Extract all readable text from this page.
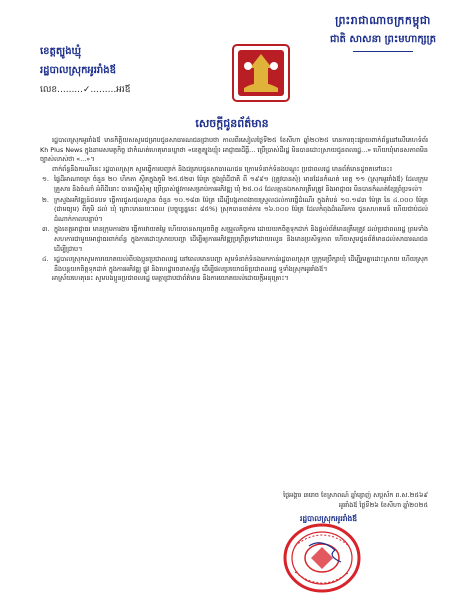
ព្រះរាជាណាចក្រកម្ពុជា
ជាតិ សាសនា ព្រះមហាក្សត្រ
ខេត្តត្បូងឃ្មុំ
រដ្ឋបាលស្រុកអូររាំងឪ
លេខ.........✓.........អរឪ
សេចក្តីជូនព័ត៌មាន

រដ្ឋបាលស្រុកអូររាំងឪ មានកិត្តិយសសូមជម្រាបជូនសាធារណជនជ្រាបថា កាលពីរសៀលថ្ងៃទី២៥ ខែសីហា ឆ្នាំ២០២៥ មានការចុះផ្សាយពាក់ព័ន្ធនៅលើគេហទំព័រ Kh Plus News ក្នុងនាមសមត្ថកិច្ច ជាកំណត់ហេតុមានឃ្លាថា «ខេត្តត្បូងឃ្មុំ៖ អាជ្ញាធរដីធ្លី... ប្រើប្រាស់ដីរដ្ឋ មិនបានដោះស្រាយជូនពលរដ្ឋ...» ហើយឃុំមានសភាពមិនច្បាស់លាស់ថា «...»។

ពាក់ព័ន្ធនឹងករណីនេះ រដ្ឋបាលស្រុក សូមធ្វើការបញ្ជាក់ និងជម្រាបជូនសាធារណជន ក្រោមទំនាក់ទំនងបណ្តុះ ប្រជាពលរដ្ឋ មានព័ត៌មានដូចតទៅនេះ៖

១. ផ្ទៃដីអាណាចក្រ ចំនួន ២០ ហិកតា ស្ថិតក្នុងភូមិ ២៥.៥២៣ ម៉ែត្រ ក្នុងព្រំដីជាតិ ពី ១៩៩១ (ត្រូវបានសុំ) មានដែនកំណត់ ខេត្ត ១១ (ស្រុកអូររាំងឪ) ដែលក្រុមគ្រួសារ និងចំណាំ អំពីដីនោះ បានស្នើសុំឲ្យ ប្រើប្រាស់ផ្លូវការសម្រាប់ការអភិវឌ្ឍ ឃុំ ២៥.០៤ ដែលគ្មានឯកសារត្រឹមត្រូវ និងអាជ្ញាធរ មិនបានកំណត់ខ្សែព្រំប្រទល់។
២. ក្រសួងអភិវឌ្ឍន៍ជនបទ ធ្វើការជួសជុលស្ពាន ចំនួន ១០.១៨៣ ម៉ែត្រ ដើម្បីបង្កភាពងាយស្រួលដល់ការធ្វើដំណើរ ក្នុងតំបន់ ១០.១៨៣ ម៉ែត្រ នៃ ៤.០០០ ម៉ែត្រ (ជាមធ្យម) ពីភូមិ ដល់ ឃុំ ព្រោះមានរយៈពេល (បច្ចុប្បន្ននេះ ៨៥%) ស្រុកបានចាត់ការ ១៦.០០០ ម៉ែត្រ ដែលកំពុងដំណើរការ ជូនសហគមន៍ ហើយជាប់ដល់ដំណាក់កាលបន្ទាប់។
៣. ក្នុងខេត្តអាជ្ញាធរ មានក្រុមការងារ ធ្វើការវាយតម្លៃ ហើយបានសម្រេចចិត្ត សម្រួលកិច្ចការ ដោយយកចិត្តទុកដាក់ និងផ្តល់ព័ត៌មានត្រឹមត្រូវ ដល់ប្រជាពលរដ្ឋ ព្រមទាំងសហការជាមួយអាជ្ញាធរពាក់ព័ន្ធ ក្នុងការដោះស្រាយបញ្ហា ដើម្បីឲ្យការអភិវឌ្ឍប្រព្រឹត្តទៅដោយរលូន និងមានប្រសិទ្ធភាព ហើយសូមជូនព័ត៌មានដល់សាធារណជនដើម្បីជ្រាប។
៤. រដ្ឋបាលស្រុកសូមការយោគយល់ពីបងប្អូនប្រជាពលរដ្ឋ នៅពេលមានបញ្ហា សូមទំនាក់ទំនងមកកាន់រដ្ឋបាលស្រុក ឬក្រុមប្រឹក្សាឃុំ ដើម្បីរួមគ្នាដោះស្រាយ ហើយស្រុកនឹងបន្តយកចិត្តទុកដាក់ ក្នុងការអភិវឌ្ឍ ផ្លូវ និងហេដ្ឋារចនាសម្ព័ន្ធ ដើម្បីផលប្រយោជន៍ប្រជាពលរដ្ឋ ទូទាំងស្រុកអូររាំងឪ។

អាស្រ័យហេតុនេះ សូមបងប្អូនប្រជាពលរដ្ឋ មេត្តាជ្រាបជាព័ត៌មាន និងការយោគយល់ដោយក្តីអនុគ្រោះ។

ថ្ងៃអង្គារ ៣រោច ខែស្រាពណ៍ ឆ្នាំម្សាញ់ សប្តស័ក ព.ស.២៥៦៩
អូររាំងឪ ថ្ងៃទី២៦ ខែសីហា ឆ្នាំ២០២៥
រដ្ឋបាលស្រុកអូររាំងឪ
